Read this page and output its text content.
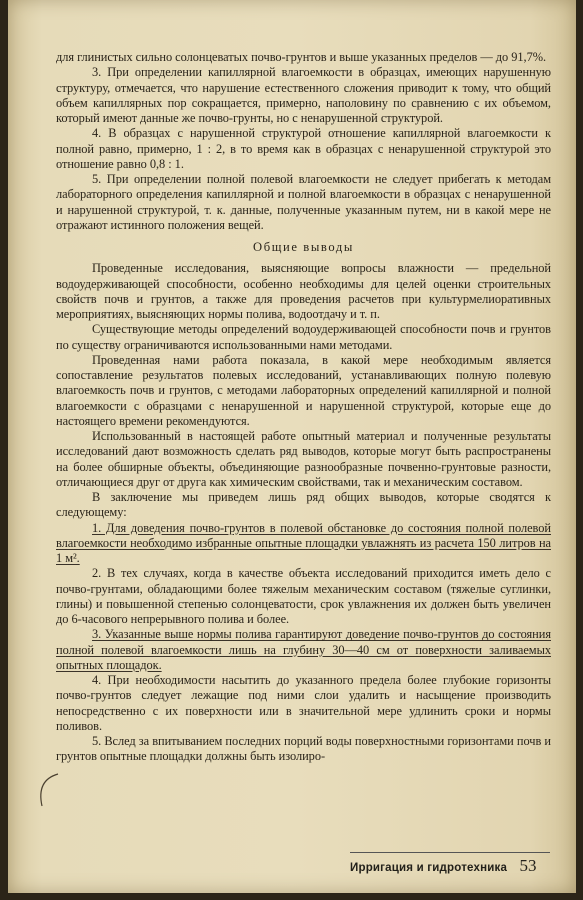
для глинистых сильно солонцеватых почво-грунтов и выше указанных пределов — до 91,7%.

3. При определении капиллярной влагоемкости в образцах, имеющих нарушенную структуру, отмечается, что нарушение естественного сложения приводит к тому, что общий объем капиллярных пор сокращается, примерно, наполовину по сравнению с их объемом, который имеют данные же почво-грунты, но с ненарушенной структурой.

4. В образцах с нарушенной структурой отношение капиллярной влагоемкости к полной равно, примерно, 1 : 2, в то время как в образцах с ненарушенной структурой это отношение равно 0,8 : 1.

5. При определении полной полевой влагоемкости не следует прибегать к методам лабораторного определения капиллярной и полной влагоемкости в образцах с ненарушенной и нарушенной структурой, т. к. данные, полученные указанным путем, ни в какой мере не отражают истинного положения вещей.

Общие выводы

Проведенные исследования, выясняющие вопросы влажности — предельной водоудерживающей способности, особенно необходимы для целей оценки строительных свойств почв и грунтов, а также для проведения расчетов при культурмелиоративных мероприятиях, выясняющих нормы полива, водоотдачу и т. п.

Существующие методы определений водоудерживающей способности почв и грунтов по существу ограничиваются использованными нами методами.

Проведенная нами работа показала, в какой мере необходимым является сопоставление результатов полевых исследований, устанавливающих полную полевую влагоемкость почв и грунтов, с методами лабораторных определений капиллярной и полной влагоемкости с образцами с ненарушенной и нарушенной структурой, которые еще до настоящего времени рекомендуются.

Использованный в настоящей работе опытный материал и полученные результаты исследований дают возможность сделать ряд выводов, которые могут быть распространены на более обширные объекты, объединяющие разнообразные почвенно-грунтовые разности, отличающиеся друг от друга как химическим свойствами, так и механическим составом.

В заключение мы приведем лишь ряд общих выводов, которые сводятся к следующему:

1. Для доведения почво-грунтов в полевой обстановке до состояния полной полевой влагоемкости необходимо избранные опытные площадки увлажнять из расчета 150 литров на 1 м².

2. В тех случаях, когда в качестве объекта исследований приходится иметь дело с почво-грунтами, обладающими более тяжелым механическим составом (тяжелые суглинки, глины) и повышенной степенью солонцеватости, срок увлажнения их должен быть увеличен до 6-часового непрерывного полива и более.

3. Указанные выше нормы полива гарантируют доведение почво-грунтов до состояния полной полевой влагоемкости лишь на глубину 30—40 см от поверхности заливаемых опытных площадок.

4. При необходимости насытить до указанного предела более глубокие горизонты почво-грунтов следует лежащие под ними слои удалить и насыщение производить непосредственно с их поверхности или в значительной мере удлинить сроки и нормы поливов.

5. Вслед за впитыванием последних порций воды поверхностными горизонтами почв и грунтов опытные площадки должны быть изолиро-

Ирригация и гидротехника 53
